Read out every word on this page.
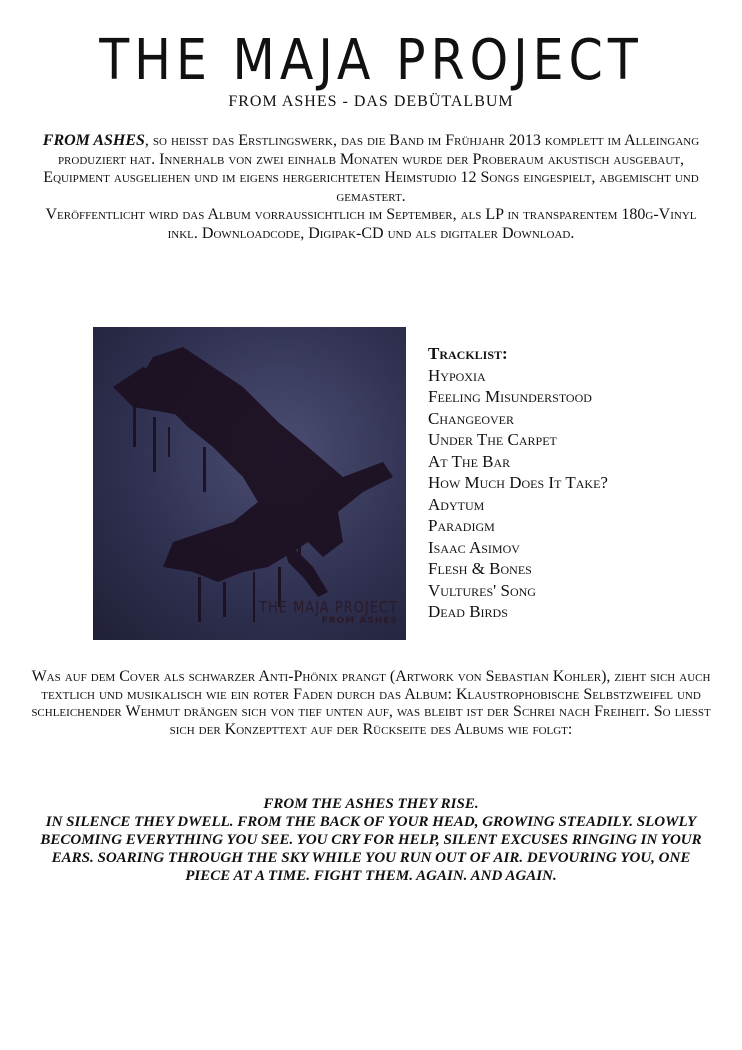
THE MAJA PROJECT
FROM ASHES - DAS DEBÜTALBUM
FROM ASHES, so heisst das Erstlingswerk, das die Band im Frühjahr 2013 komplett im Alleingang produziert hat. Innerhalb von zwei einhalb Monaten wurde der Proberaum akustisch ausgebaut, Equipment ausgeliehen und im eigens hergerichteten Heimstudio 12 Songs eingespielt, abgemischt und gemastert.
Veröffentlicht wird das Album vorraussichtlich im September, als LP in transparentem 180g-Vinyl inkl. Downloadcode, Digipak-CD und als digitaler Download.
THE MAJA PROJECT
FROM ASHES
Tracklist:
Hypoxia
Feeling Misunderstood
Changeover
Under The Carpet
At The Bar
How Much Does It Take?
Adytum
Paradigm
Isaac Asimov
Flesh & Bones
Vultures' Song
Dead Birds
Was auf dem Cover als schwarzer Anti-Phönix prangt (Artwork von Sebastian Kohler), zieht sich auch textlich und musikalisch wie ein roter Faden durch das Album: Klaustrophobische Selbstzweifel und schleichender Wehmut drängen sich von tief unten auf, was bleibt ist der Schrei nach Freiheit. So liesst sich der Konzepttext auf der Rückseite des Albums wie folgt:
FROM THE ASHES THEY RISE.
IN SILENCE THEY DWELL. FROM THE BACK OF YOUR HEAD, GROWING STEADILY. SLOWLY BECOMING EVERYTHING YOU SEE. YOU CRY FOR HELP, SILENT EXCUSES RINGING IN YOUR EARS. SOARING THROUGH THE SKY WHILE YOU RUN OUT OF AIR. DEVOURING YOU, ONE PIECE AT A TIME. FIGHT THEM. AGAIN. AND AGAIN.
